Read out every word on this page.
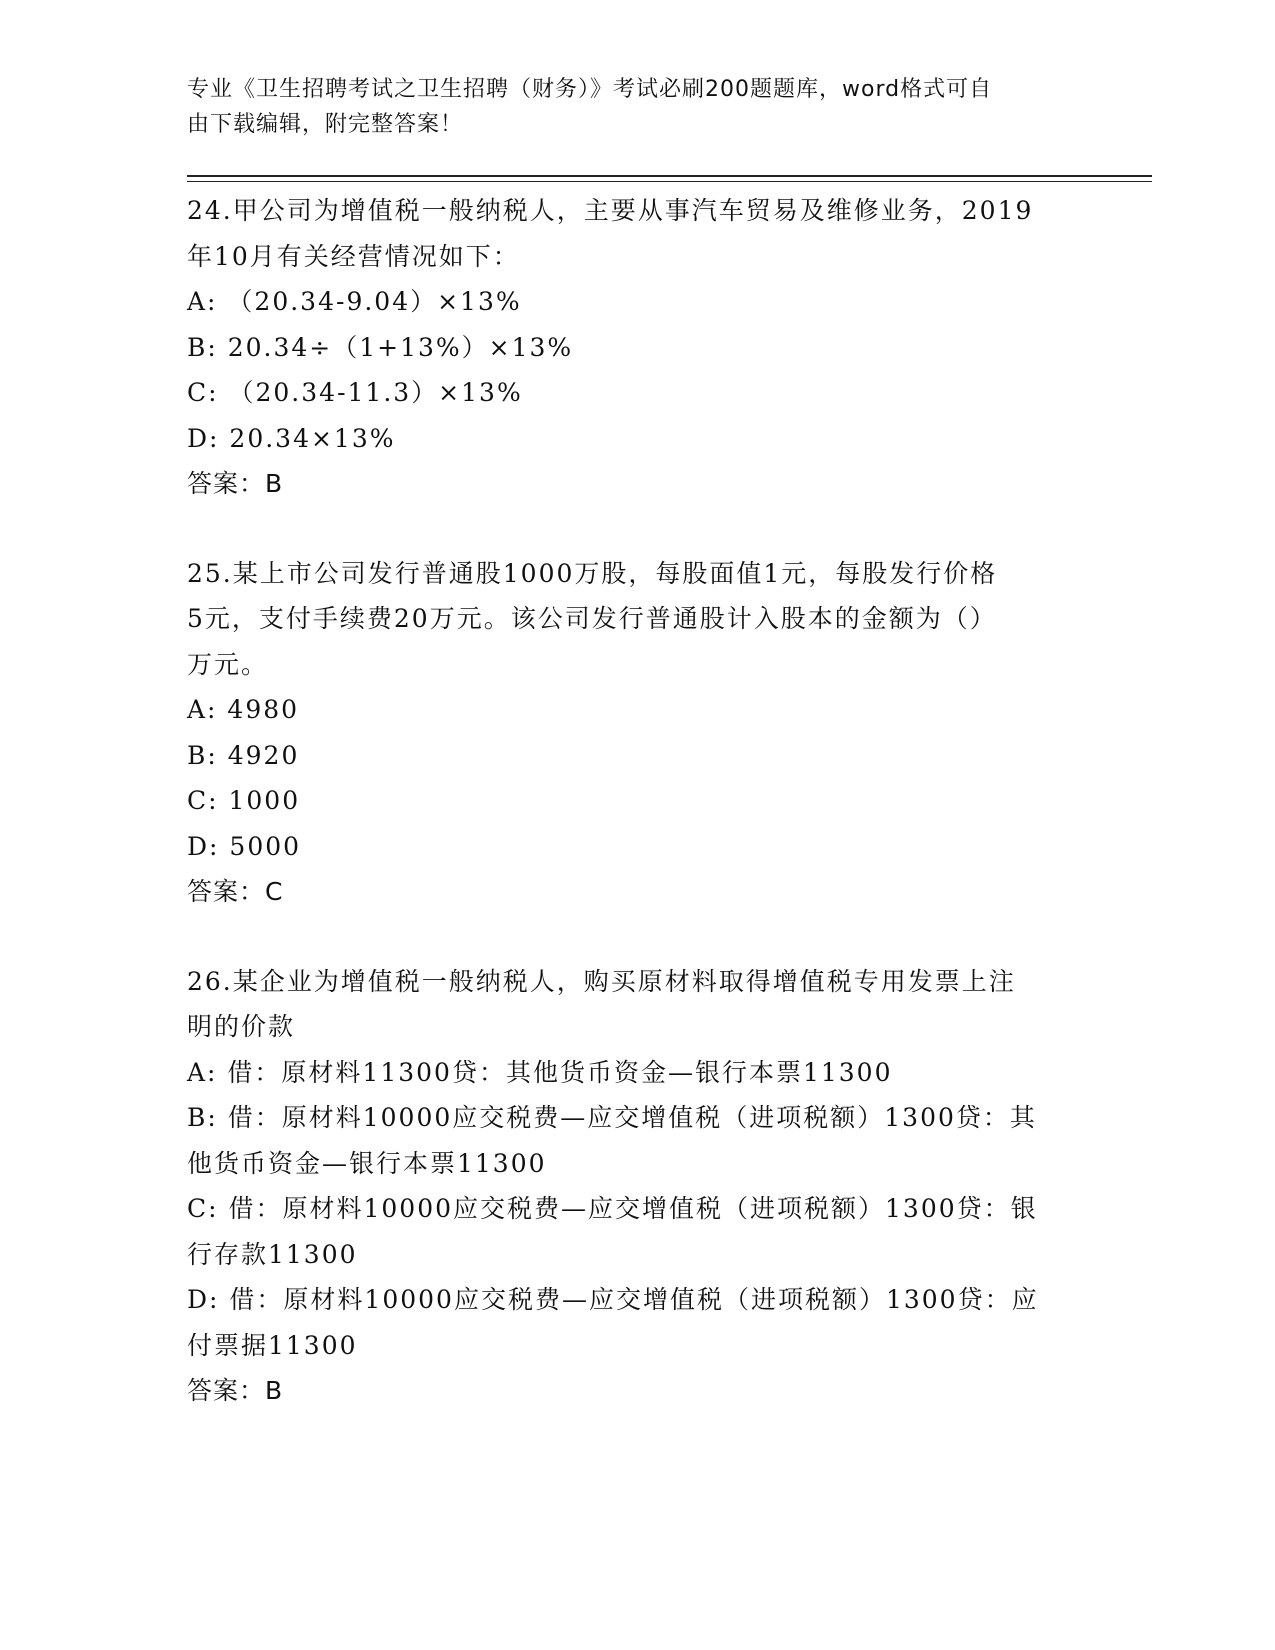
专业《卫生招聘考试之卫生招聘（财务）》考试必刷200题题库，word格式可自
由下载编辑，附完整答案！
24.甲公司为增值税一般纳税人，主要从事汽车贸易及维修业务，2019
年10月有关经营情况如下：
A: （20.34-9.04）×13%
B: 20.34÷（1+13%）×13%
C: （20.34-11.3）×13%
D: 20.34×13%
答案：B
25.某上市公司发行普通股1000万股，每股面值1元，每股发行价格
5元，支付手续费20万元。该公司发行普通股计入股本的金额为（）
万元。
A: 4980
B: 4920
C: 1000
D: 5000
答案：C
26.某企业为增值税一般纳税人，购买原材料取得增值税专用发票上注
明的价款
A: 借：原材料11300贷：其他货币资金—银行本票11300
B: 借：原材料10000应交税费—应交增值税（进项税额）1300贷：其
他货币资金—银行本票11300
C: 借：原材料10000应交税费—应交增值税（进项税额）1300贷：银
行存款11300
D: 借：原材料10000应交税费—应交增值税（进项税额）1300贷：应
付票据11300
答案：B
